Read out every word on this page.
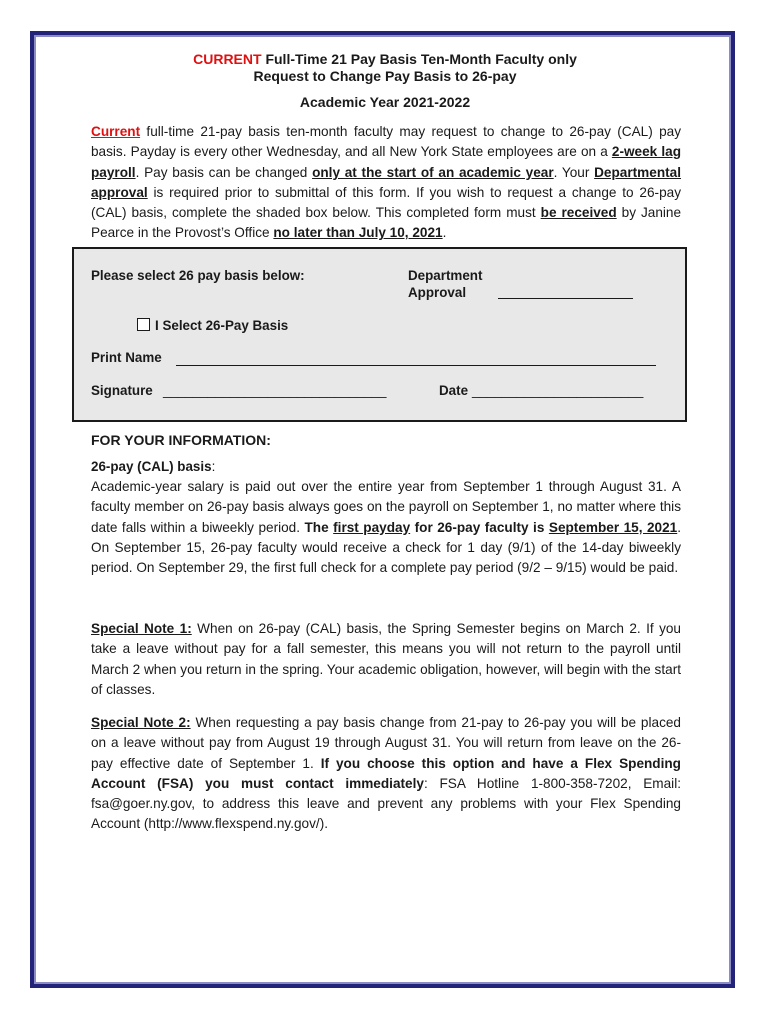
CURRENT Full-Time 21 Pay Basis Ten-Month Faculty only
Request to Change Pay Basis to 26-pay
Academic Year 2021-2022
Current full-time 21-pay basis ten-month faculty may request to change to 26-pay (CAL) pay basis. Payday is every other Wednesday, and all New York State employees are on a 2-week lag payroll. Pay basis can be changed only at the start of an academic year. Your Departmental approval is required prior to submittal of this form. If you wish to request a change to 26-pay (CAL) basis, complete the shaded box below. This completed form must be received by Janine Pearce in the Provost’s Office no later than July 10, 2021.
Please select 26 pay basis below:	Department
Approval
I Select 26-Pay Basis
Print Name
Signature ______________________________	Date _______________________
FOR YOUR INFORMATION:
26-pay (CAL) basis:
Academic-year salary is paid out over the entire year from September 1 through August 31. A faculty member on 26-pay basis always goes on the payroll on September 1, no matter where this date falls within a biweekly period. The first payday for 26-pay faculty is September 15, 2021. On September 15, 26-pay faculty would receive a check for 1 day (9/1) of the 14-day biweekly period. On September 29, the first full check for a complete pay period (9/2 – 9/15) would be paid.
Special Note 1: When on 26-pay (CAL) basis, the Spring Semester begins on March 2. If you take a leave without pay for a fall semester, this means you will not return to the payroll until March 2 when you return in the spring. Your academic obligation, however, will begin with the start of classes.
Special Note 2: When requesting a pay basis change from 21-pay to 26-pay you will be placed on a leave without pay from August 19 through August 31. You will return from leave on the 26-pay effective date of September 1. If you choose this option and have a Flex Spending Account (FSA) you must contact immediately: FSA Hotline 1-800-358-7202, Email: fsa@goer.ny.gov, to address this leave and prevent any problems with your Flex Spending Account (http://www.flexspend.ny.gov/).
